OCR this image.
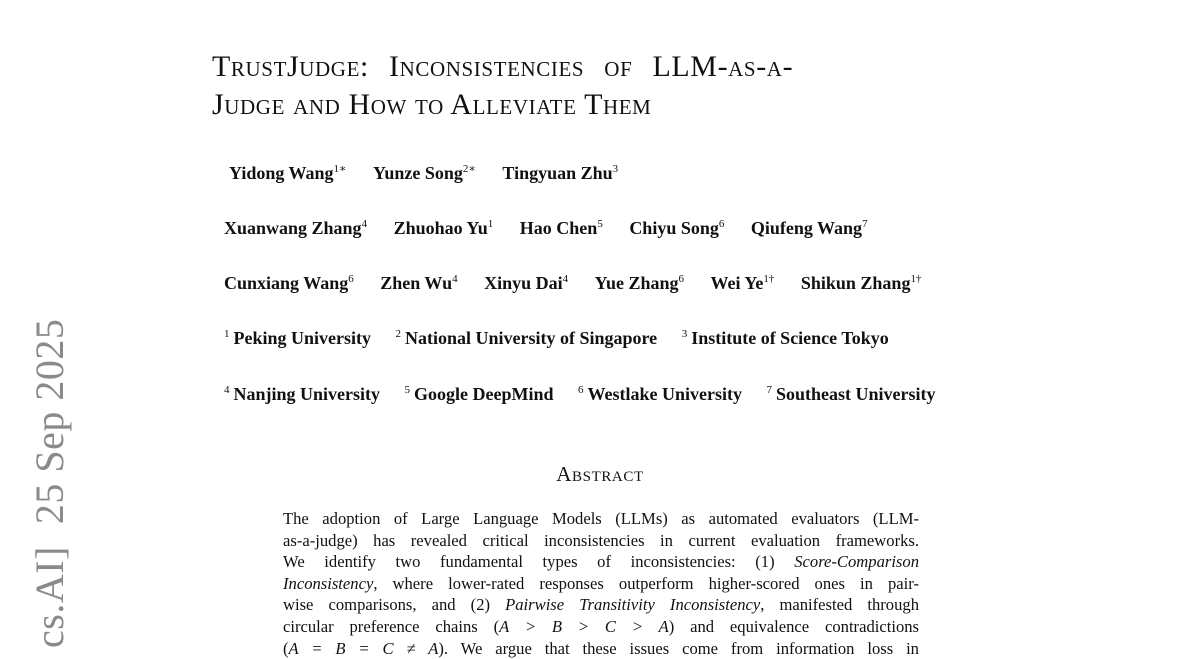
cs.AI]25 Sep 2025
TrustJudge: Inconsistencies of LLM-as-a-
Judge and How to Alleviate Them
Yidong Wang$^{1∗}$ Yunze Song$^{2∗}$ Tingyuan Zhu$^3$
Xuanwang Zhang$^4$ Zhuohao Yu$^1$ Hao Chen$^5$ Chiyu Song$^6$ Qiufeng Wang$^7$
Cunxiang Wang$^6$ Zhen Wu$^4$ Xinyu Dai$^4$ Yue Zhang$^6$ Wei $Ye^{1\dagger}$ Shikun Zhang$^{1\dagger}$
$^1$ Peking University $^2$ National University of Singapore $^3$ Institute of Science Tokyo
$^4$ Nanjing University $^5$ Google DeepMind $^6$ Westlake University $^7$ Southeast University
Abstract
The adoption of Large Language Models (LLMs) as automated evaluators (LLM-
as-a-judge) has revealed critical inconsistencies in current evaluation frameworks.
We identify two fundamental types of inconsistencies: (1) Score-Comparison
Inconsistency, where lower-rated responses outperform higher-scored ones in pair-
wise comparisons, and (2) Pairwise Transitivity Inconsistency, manifested through
circular preference chains (A > B > C > A) and equivalence contradictions
(A = B = C ≠ A). We argue that these issues come from information loss in
